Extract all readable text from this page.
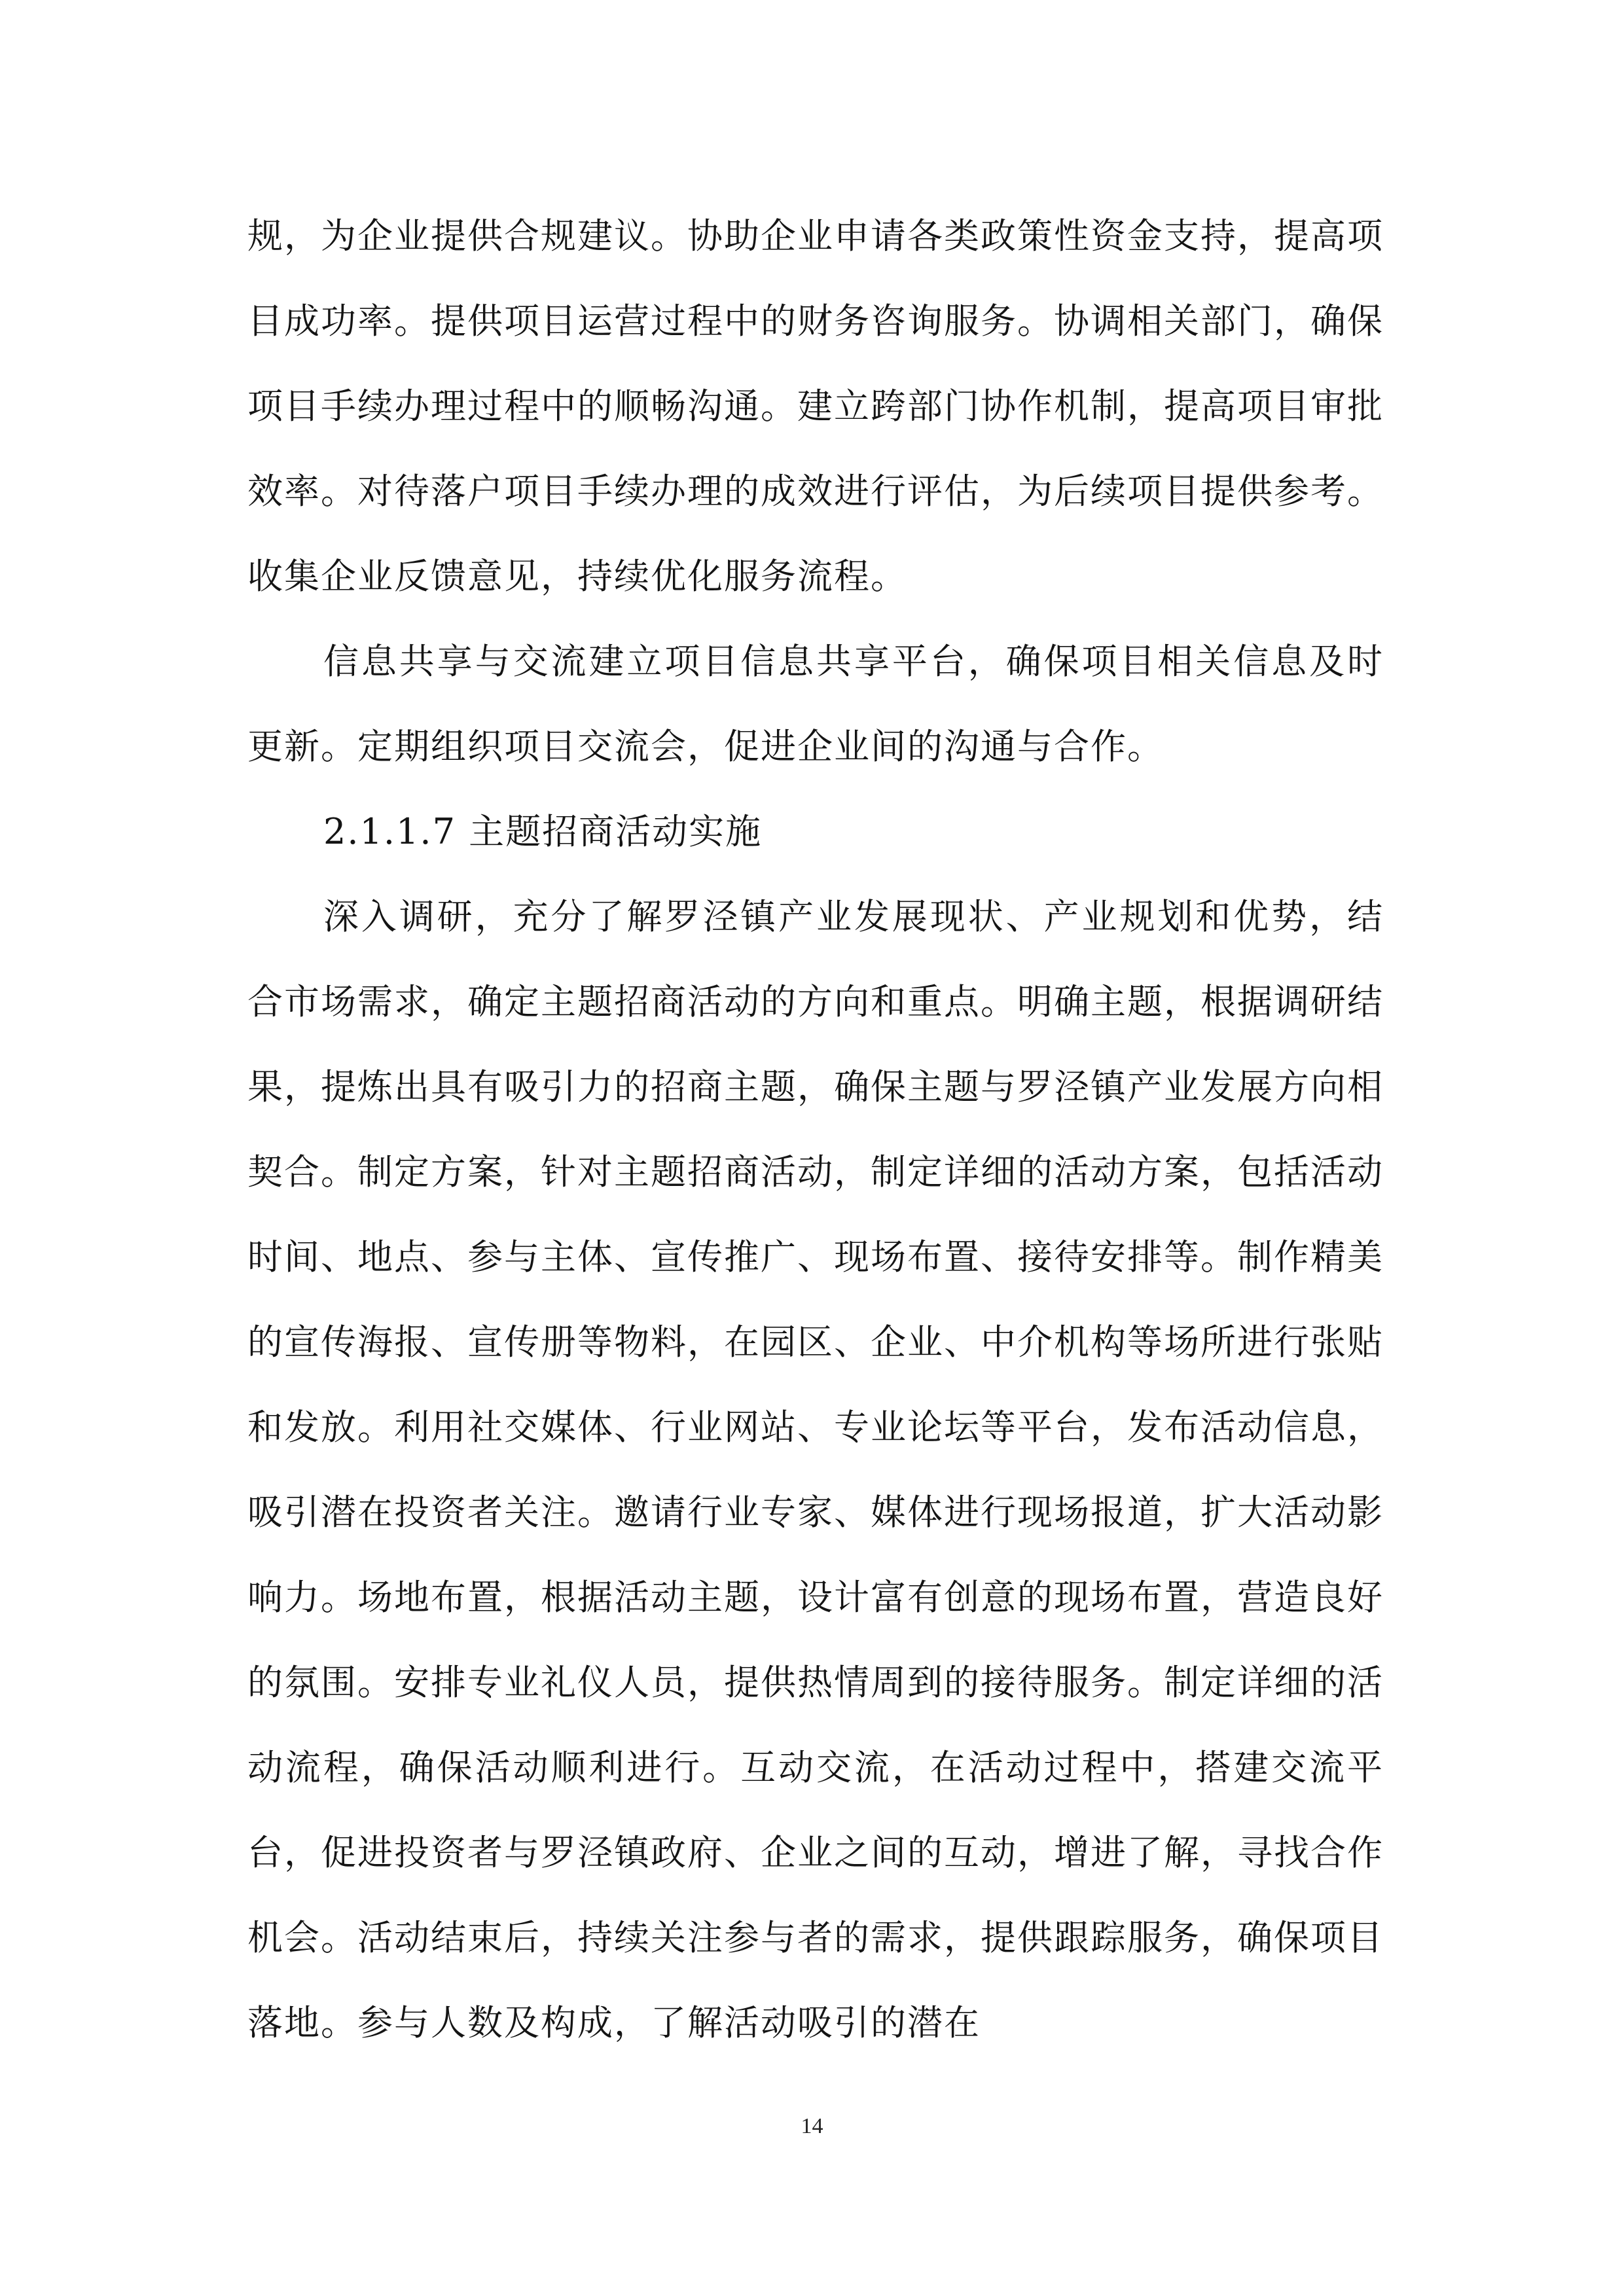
规，为企业提供合规建议。协助企业申请各类政策性资金支持，提高项目成功率。提供项目运营过程中的财务咨询服务。协调相关部门，确保项目手续办理过程中的顺畅沟通。建立跨部门协作机制，提高项目审批效率。对待落户项目手续办理的成效进行评估，为后续项目提供参考。收集企业反馈意见，持续优化服务流程。

信息共享与交流建立项目信息共享平台，确保项目相关信息及时更新。定期组织项目交流会，促进企业间的沟通与合作。

2.1.1.7 主题招商活动实施

深入调研，充分了解罗泾镇产业发展现状、产业规划和优势，结合市场需求，确定主题招商活动的方向和重点。明确主题，根据调研结果，提炼出具有吸引力的招商主题，确保主题与罗泾镇产业发展方向相契合。制定方案，针对主题招商活动，制定详细的活动方案，包括活动时间、地点、参与主体、宣传推广、现场布置、接待安排等。制作精美的宣传海报、宣传册等物料，在园区、企业、中介机构等场所进行张贴和发放。利用社交媒体、行业网站、专业论坛等平台，发布活动信息，吸引潜在投资者关注。邀请行业专家、媒体进行现场报道，扩大活动影响力。场地布置，根据活动主题，设计富有创意的现场布置，营造良好的氛围。安排专业礼仪人员，提供热情周到的接待服务。制定详细的活动流程，确保活动顺利进行。互动交流，在活动过程中，搭建交流平台，促进投资者与罗泾镇政府、企业之间的互动，增进了解，寻找合作机会。活动结束后，持续关注参与者的需求，提供跟踪服务，确保项目落地。参与人数及构成，了解活动吸引的潜在

14
